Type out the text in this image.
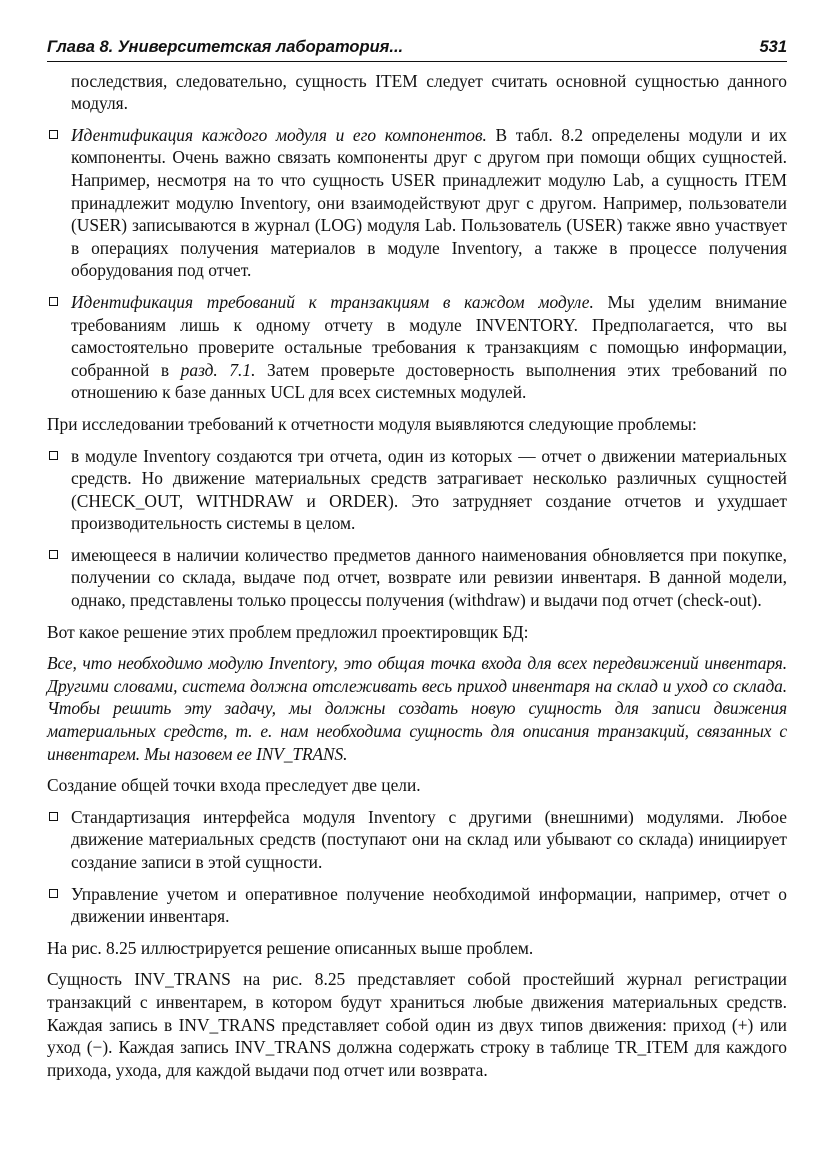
Глава 8. Университетская лаборатория...	531

последствия, следовательно, сущность ITEM следует считать основной сущностью данного модуля.

Идентификация каждого модуля и его компонентов. В табл. 8.2 определены модули и их компоненты. Очень важно связать компоненты друг с другом при помощи общих сущностей. Например, несмотря на то что сущность USER принадлежит модулю Lab, а сущность ITEM принадлежит модулю Inventory, они взаимодействуют друг с другом. Например, пользователи (USER) записываются в журнал (LOG) модуля Lab. Пользователь (USER) также явно участвует в операциях получения материалов в модуле Inventory, а также в процессе получения оборудования под отчет.
Идентификация требований к транзакциям в каждом модуле. Мы уделим внимание требованиям лишь к одному отчету в модуле INVENTORY. Предполагается, что вы самостоятельно проверите остальные требования к транзакциям с помощью информации, собранной в разд. 7.1. Затем проверьте достоверность выполнения этих требований по отношению к базе данных UCL для всех системных модулей.

При исследовании требований к отчетности модуля выявляются следующие проблемы:

в модуле Inventory создаются три отчета, один из которых — отчет о движении материальных средств. Но движение материальных средств затрагивает несколько различных сущностей (CHECK_OUT, WITHDRAW и ORDER). Это затрудняет создание отчетов и ухудшает производительность системы в целом.
имеющееся в наличии количество предметов данного наименования обновляется при покупке, получении со склада, выдаче под отчет, возврате или ревизии инвентаря. В данной модели, однако, представлены только процессы получения (withdraw) и выдачи под отчет (check-out).

Вот какое решение этих проблем предложил проектировщик БД:

Все, что необходимо модулю Inventory, это общая точка входа для всех передвижений инвентаря. Другими словами, система должна отслеживать весь приход инвентаря на склад и уход со склада. Чтобы решить эту задачу, мы должны создать новую сущность для записи движения материальных средств, т. е. нам необходима сущность для описания транзакций, связанных с инвентарем. Мы назовем ее INV_TRANS.

Создание общей точки входа преследует две цели.

Стандартизация интерфейса модуля Inventory с другими (внешними) модулями. Любое движение материальных средств (поступают они на склад или убывают со склада) инициирует создание записи в этой сущности.
Управление учетом и оперативное получение необходимой информации, например, отчет о движении инвентаря.

На рис. 8.25 иллюстрируется решение описанных выше проблем.

Сущность INV_TRANS на рис. 8.25 представляет собой простейший журнал регистрации транзакций с инвентарем, в котором будут храниться любые движения материальных средств. Каждая запись в INV_TRANS представляет собой один из двух типов движения: приход (+) или уход (−). Каждая запись INV_TRANS должна содержать строку в таблице TR_ITEM для каждого прихода, ухода, для каждой выдачи под отчет или возврата.
